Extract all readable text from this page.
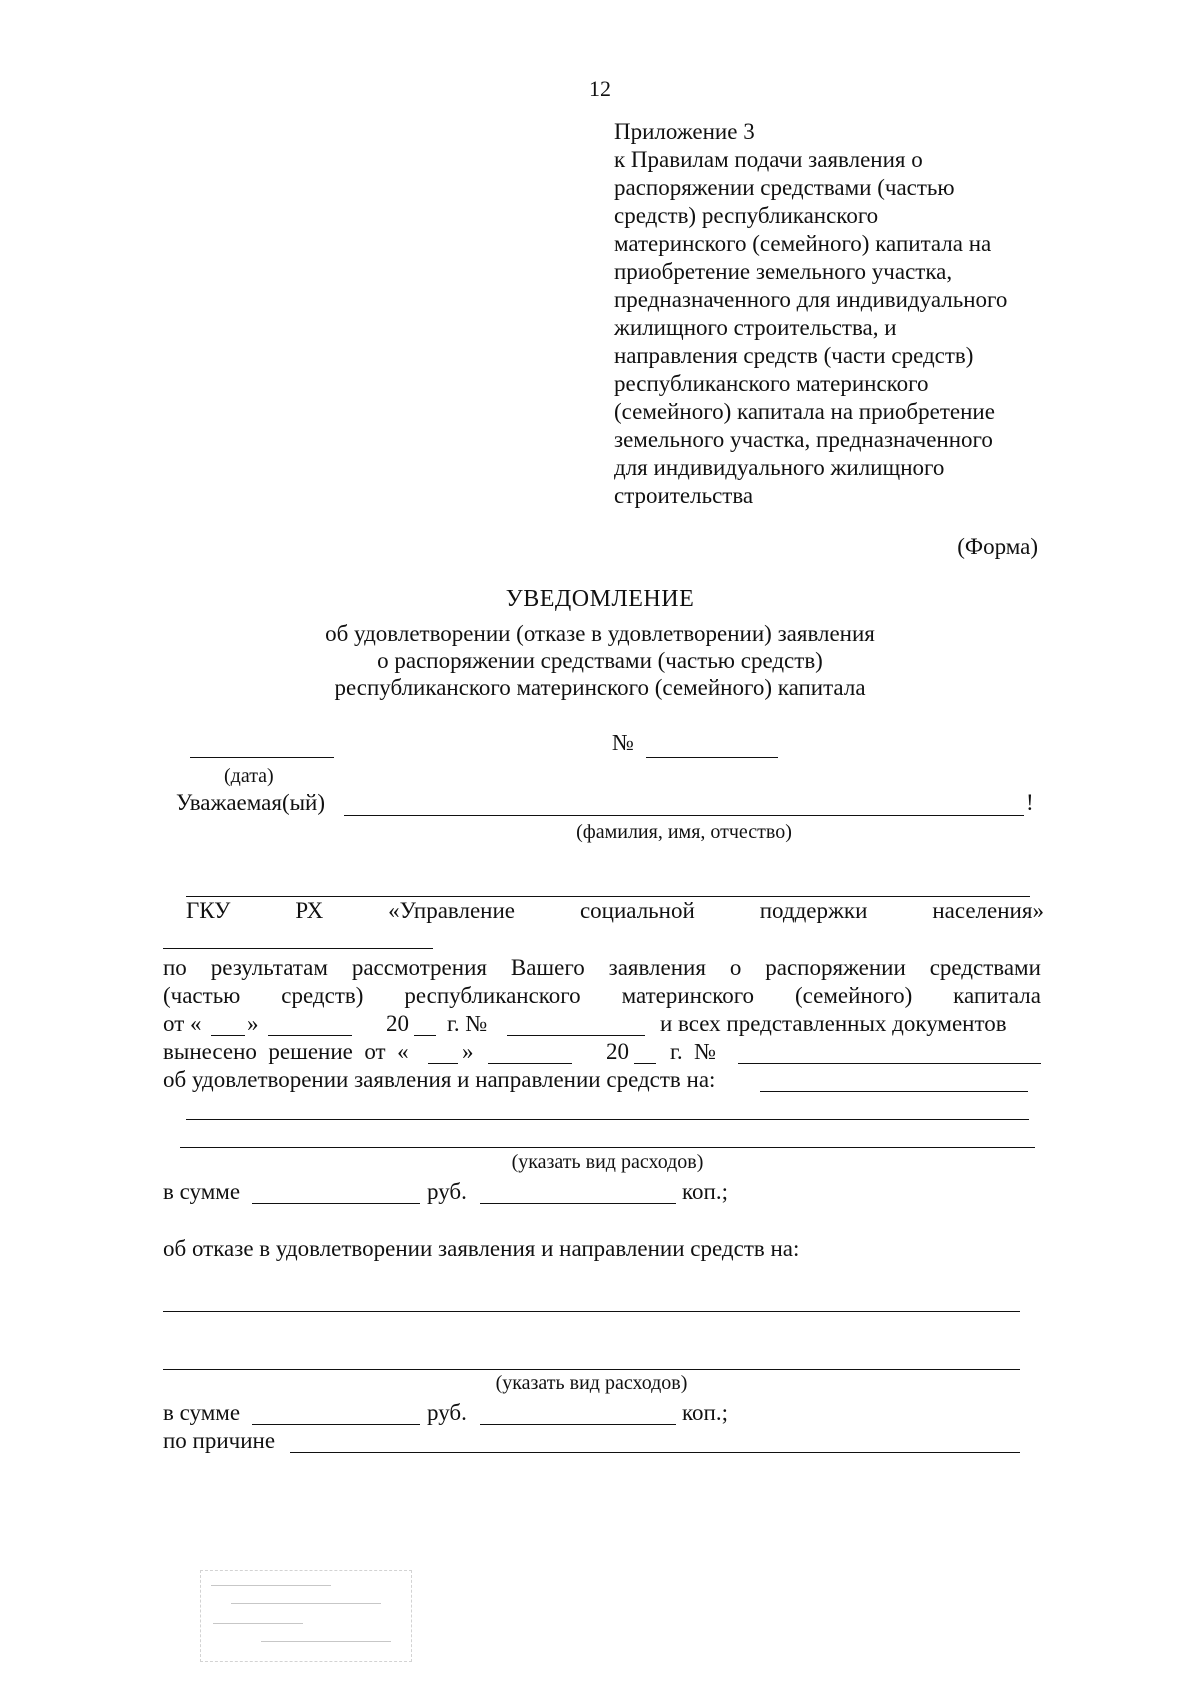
12
Приложение 3
к Правилам подачи заявления о
распоряжении средствами (частью
средств) республиканского
материнского (семейного) капитала на
приобретение земельного участка,
предназначенного для индивидуального
жилищного строительства, и
направления средств (части средств)
республиканского материнского
(семейного) капитала на приобретение
земельного участка, предназначенного
для индивидуального жилищного
строительства
(Форма)
УВЕДОМЛЕНИЕ
об удовлетворении (отказе в удовлетворении) заявления
о распоряжении средствами (частью средств)
республиканского материнского (семейного) капитала
№
(дата)
Уважаемая(ый)	!
(фамилия, имя, отчество)
ГКУ	РХ	«Управление	социальной	поддержки	населения»
по результатам рассмотрения Вашего заявления о распоряжении средствами
(частью средств) республиканского материнского (семейного) капитала
от « »	20 г. №	и всех представленных документов
вынесено  решение  от  « »	20 г.  №
об удовлетворении заявления и направлении средств на:
(указать вид расходов)
в сумме	руб.	коп.;
об отказе в удовлетворении заявления и направлении средств на:
(указать вид расходов)
в сумме	руб.	коп.;
по причине
